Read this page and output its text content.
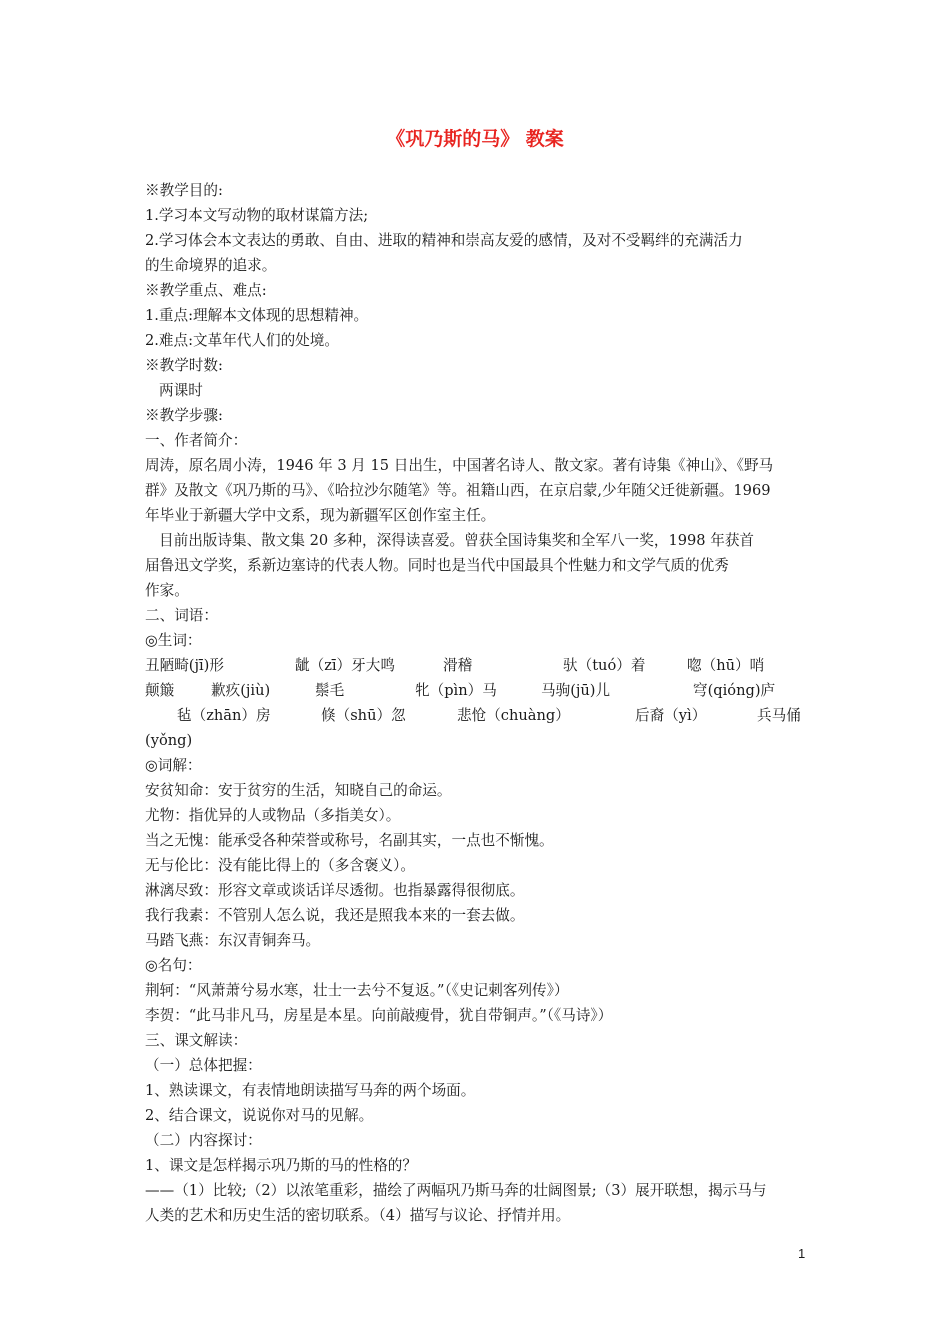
《巩乃斯的马》 教案
※教学目的:
1.学习本文写动物的取材谋篇方法;
2.学习体会本文表达的勇敢、自由、进取的精神和崇高友爱的感情，及对不受羁绊的充满活力
的生命境界的追求。
※教学重点、难点:
1.重点:理解本文体现的思想精神。
2.难点:文革年代人们的处境。
※教学时数:
两课时
※教学步骤:
一、作者简介：
周涛，原名周小涛，1946 年 3 月 15 日出生，中国著名诗人、散文家。著有诗集《神山》、《野马
群》及散文《巩乃斯的马》、《哈拉沙尔随笔》等。祖籍山西，在京启蒙,少年随父迁徙新疆。1969
年毕业于新疆大学中文系，现为新疆军区创作室主任。
目前出版诗集、散文集 20 多种，深得读喜爱。曾获全国诗集奖和全军八一奖，1998 年获首
届鲁迅文学奖，系新边塞诗的代表人物。同时也是当代中国最具个性魅力和文学气质的优秀
作家。
二、词语：
◎生词：
丑陋畸(jī)形	龇（zī）牙大鸣	滑稽	驮（tuó）着	唿（hū）哨
颠簸	歉疚(jiù)	鬃毛	牝（pìn）马	马驹(jū)儿	穹(qióng)庐
毡（zhān）房	倏（shū）忽	悲怆（chuàng）	后裔（yì）	兵马俑
(yǒng)
◎词解：
安贫知命：安于贫穷的生活，知晓自己的命运。
尤物：指优异的人或物品（多指美女）。
当之无愧：能承受各种荣誉或称号，名副其实，一点也不惭愧。
无与伦比：没有能比得上的（多含褒义）。
淋漓尽致：形容文章或谈话详尽透彻。也指暴露得很彻底。
我行我素：不管别人怎么说，我还是照我本来的一套去做。
马踏飞燕：东汉青铜奔马。
◎名句：
荆轲：“风萧萧兮易水寒，壮士一去兮不复返。”（《史记刺客列传》）
李贺：“此马非凡马，房星是本星。向前敲瘦骨，犹自带铜声。”（《马诗》）
三、课文解读：
（一）总体把握：
1、熟读课文，有表情地朗读描写马奔的两个场面。
2、结合课文，说说你对马的见解。
（二）内容探讨：
1、课文是怎样揭示巩乃斯的马的性格的？
——（1）比较;（2）以浓笔重彩，描绘了两幅巩乃斯马奔的壮阔图景;（3）展开联想，揭示马与
人类的艺术和历史生活的密切联系。（4）描写与议论、抒情并用。
1
